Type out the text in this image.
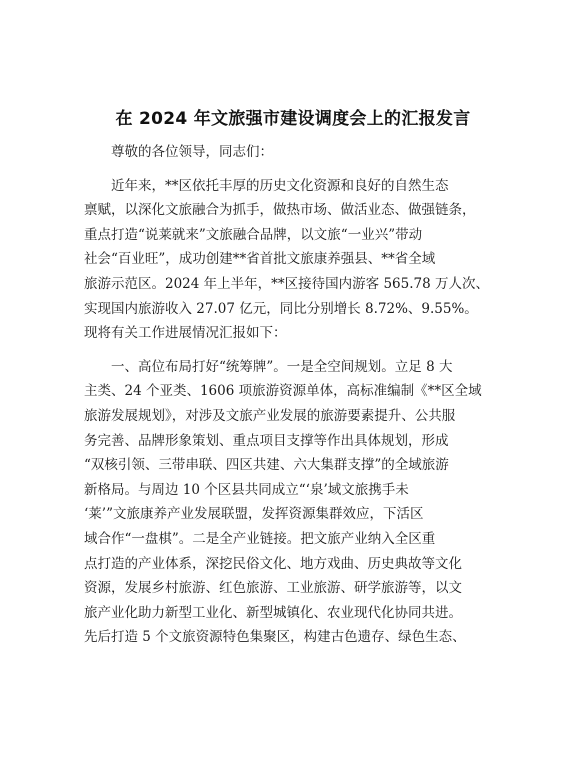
在 2024 年文旅强市建设调度会上的汇报发言
尊敬的各位领导，同志们：
近年来，**区依托丰厚的历史文化资源和良好的自然生态
禀赋，以深化文旅融合为抓手，做热市场、做活业态、做强链条，
重点打造“说莱就来”文旅融合品牌，以文旅“一业兴”带动
社会“百业旺”，成功创建**省首批文旅康养强县、**省全域
旅游示范区。2024 年上半年，**区接待国内游客 565.78 万人次、
实现国内旅游收入 27.07 亿元，同比分别增长 8.72%、9.55%。
现将有关工作进展情况汇报如下：
一、高位布局打好“统筹牌”。一是全空间规划。立足 8 大
主类、24 个亚类、1606 项旅游资源单体，高标准编制《**区全域
旅游发展规划》，对涉及文旅产业发展的旅游要素提升、公共服
务完善、品牌形象策划、重点项目支撑等作出具体规划，形成
“双核引领、三带串联、四区共建、六大集群支撑”的全域旅游
新格局。与周边 10 个区县共同成立“‘泉’域文旅携手未
‘莱’”文旅康养产业发展联盟，发挥资源集群效应，下活区
域合作“一盘棋”。二是全产业链接。把文旅产业纳入全区重
点打造的产业体系，深挖民俗文化、地方戏曲、历史典故等文化
资源，发展乡村旅游、红色旅游、工业旅游、研学旅游等，以文
旅产业化助力新型工业化、新型城镇化、农业现代化协同共进。
先后打造 5 个文旅资源特色集聚区，构建古色遗存、绿色生态、
